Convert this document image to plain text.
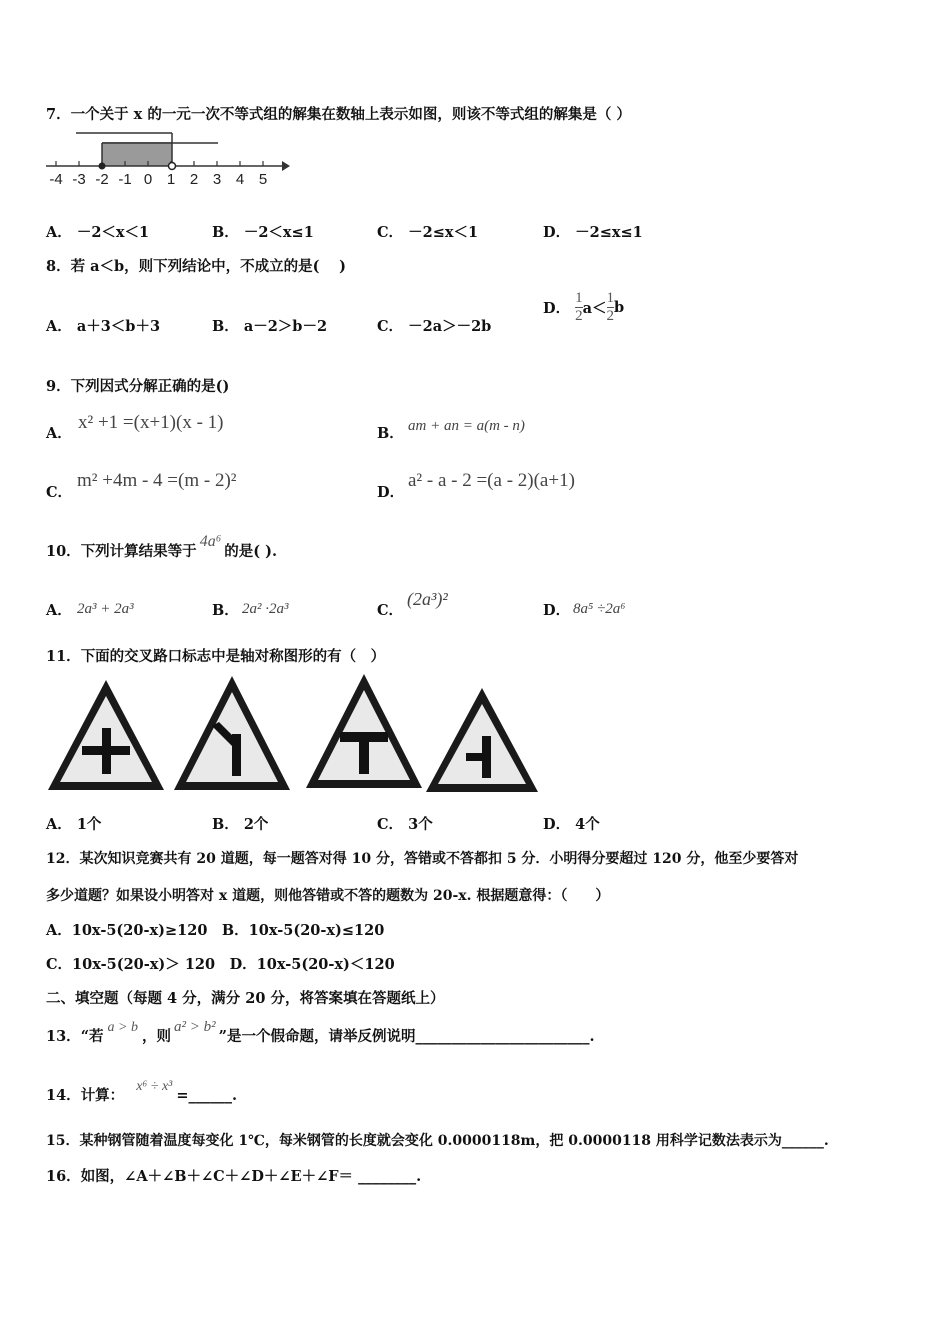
7．一个关于 x 的一元一次不等式组的解集在数轴上表示如图，则该不等式组的解集是（ ）
-4 -3 -2 -1 0 1 2 3 4 5
A． －2＜x＜1	B． －2＜x≤1	C． －2≤x＜1	D． －2≤x≤1
8．若 a＜b，则下列结论中，不成立的是(　 )
A． a＋3＜b＋3	B． a－2＞b－2	C． －2a＞－2b
D． $\frac{1}{2} a< \frac{1}{2}$ b
9．下列因式分解正确的是()
A．
x² +1 =(x+1)(x - 1)
B． am + an = a(m - n)
C．
m² +4m - 4 =(m - 2)²
D．
a² - a - 2 =(a - 2)(a+1)
10．下列计算结果等于4a⁶的是( ).
A． 2a³ + 2a³	B． 2a² ·2a³	C．
(2a³)²
D． 8a⁵ ÷2a⁶
11．下面的交叉路口标志中是轴对称图形的有（　）
A． 1个	B． 2个	C． 3个	D． 4个
12．某次知识竞赛共有 20 道题，每一题答对得 10 分，答错或不答都扣 5 分．小明得分要超过 120 分，他至少要答对
多少道题？如果设小明答对 x 道题，则他答错或不答的题数为 20-x. 根据题意得：（　　）
A．10x-5(20-x)≥120　B．10x-5(20-x)≤120
C．10x-5(20-x)＞ 120　D．10x-5(20-x)＜120
二、填空题（每题 4 分，满分 20 分，将答案填在答题纸上）
13．“若a > b，则a² > b²”是一个假命题，请举反例说明________________________.
14．计算：x⁶ ÷ x³=______.
15．某种钢管随着温度每变化 1℃，每米钢管的长度就会变化 0.0000118m，把 0.0000118 用科学记数法表示为______.
16．如图，∠A＋∠B＋∠C＋∠D＋∠E＋∠F＝ ________.
